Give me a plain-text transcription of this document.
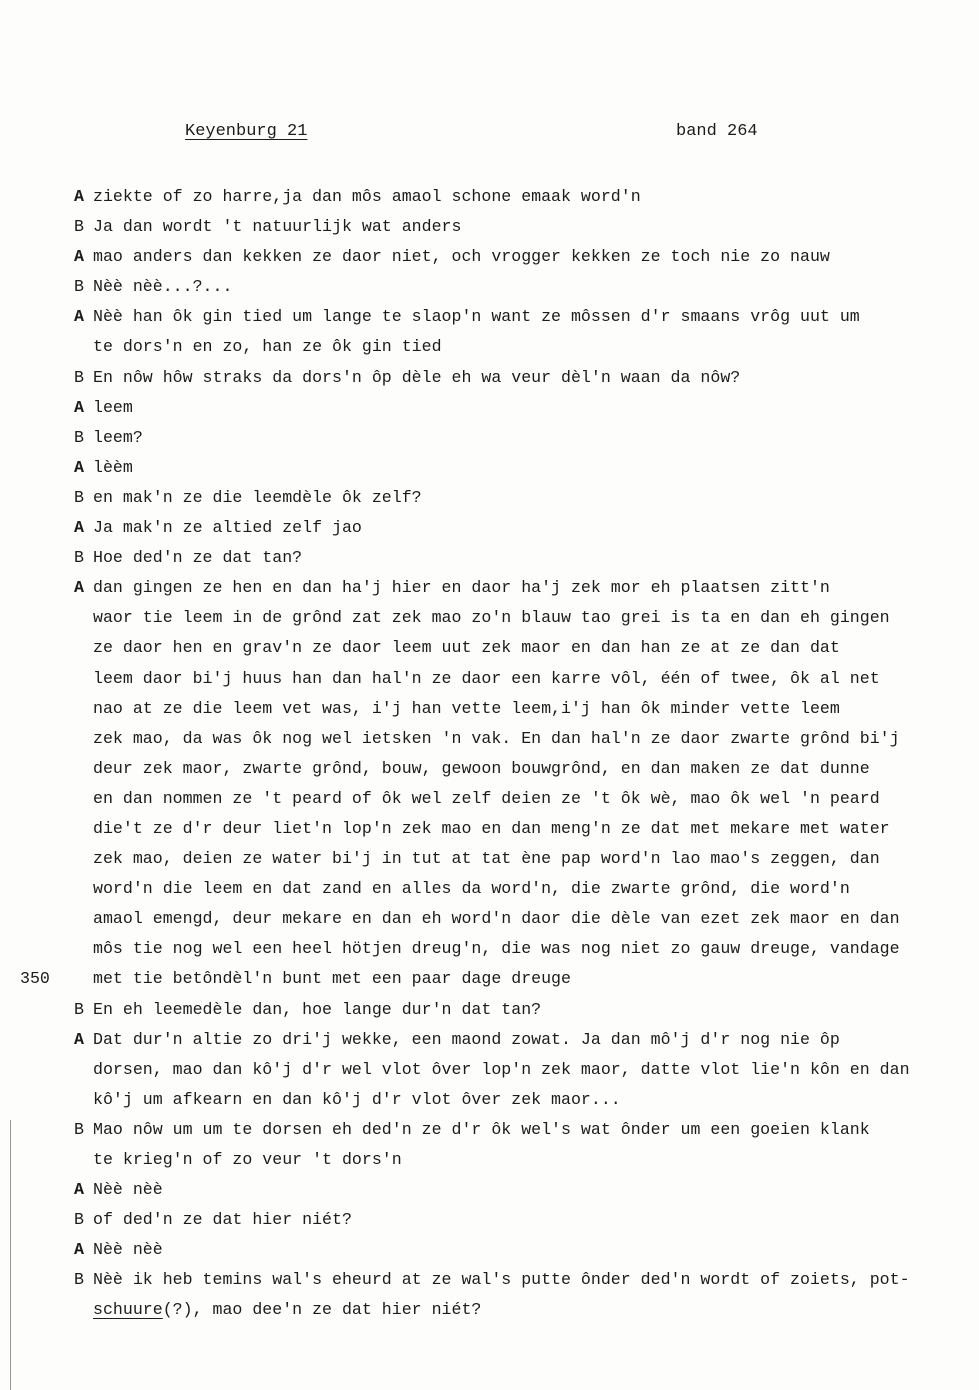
Keyenburg 21	band 264
A ziekte of zo harre,ja dan môs amaol schone emaak word'n
B Ja dan wordt 't natuurlijk wat anders
A mao anders dan kekken ze daor niet, och vrogger kekken ze toch nie zo nauw
B Nèè nèè...?...
A Nèè han ôk gin tied um lange te slaop'n want ze môssen d'r smaans vrôg uut um
te dors'n en zo, han ze ôk gin tied
B En nôw hôw straks da dors'n ôp dèle eh wa veur dèl'n waan da nôw?
A leem
B leem?
A lèèm
B en mak'n ze die leemdèle ôk zelf?
A Ja mak'n ze altied zelf jao
B Hoe ded'n ze dat tan?
A dan gingen ze hen en dan ha'j hier en daor ha'j zek mor eh plaatsen zitt'n
waor tie leem in de grônd zat zek mao zo'n blauw tao grei is ta en dan eh gingen
ze daor hen en grav'n ze daor leem uut zek maor en dan han ze at ze dan dat
leem daor bi'j huus han dan hal'n ze daor een karre vôl, één of twee, ôk al net
nao at ze die leem vet was, i'j han vette leem,i'j han ôk minder vette leem
zek mao, da was ôk nog wel ietsken 'n vak. En dan hal'n ze daor zwarte grônd bi'j
deur zek maor, zwarte grônd, bouw, gewoon bouwgrônd, en dan maken ze dat dunne
en dan nommen ze 't peard of ôk wel zelf deien ze 't ôk wè, mao ôk wel 'n peard
die't ze d'r deur liet'n lop'n zek mao en dan meng'n ze dat met mekare met water
zek mao, deien ze water bi'j in tut at tat ène pap word'n lao mao's zeggen, dan
word'n die leem en dat zand en alles da word'n, die zwarte grônd, die word'n
amaol emengd, deur mekare en dan eh word'n daor die dèle van ezet zek maor en dan
môs tie nog wel een heel hötjen dreug'n, die was nog niet zo gauw dreuge, vandage
350	met tie betôndèl'n bunt met een paar dage dreuge
B En eh leemedèle dan, hoe lange dur'n dat tan?
A Dat dur'n altie zo dri'j wekke, een maond zowat. Ja dan mô'j d'r nog nie ôp
dorsen, mao dan kô'j d'r wel vlot ôver lop'n zek maor, datte vlot lie'n kôn en dan
kô'j um afkearn en dan kô'j d'r vlot ôver zek maor...
B Mao nôw um um te dorsen eh ded'n ze d'r ôk wel's wat ônder um een goeien klank
te krieg'n of zo veur 't dors'n
A Nèè nèè
B of ded'n ze dat hier niét?
A Nèè nèè
B Nèè ik heb temins wal's eheurd at ze wal's putte ônder ded'n wordt of zoiets, pot-
schuure(?), mao dee'n ze dat hier niét?
